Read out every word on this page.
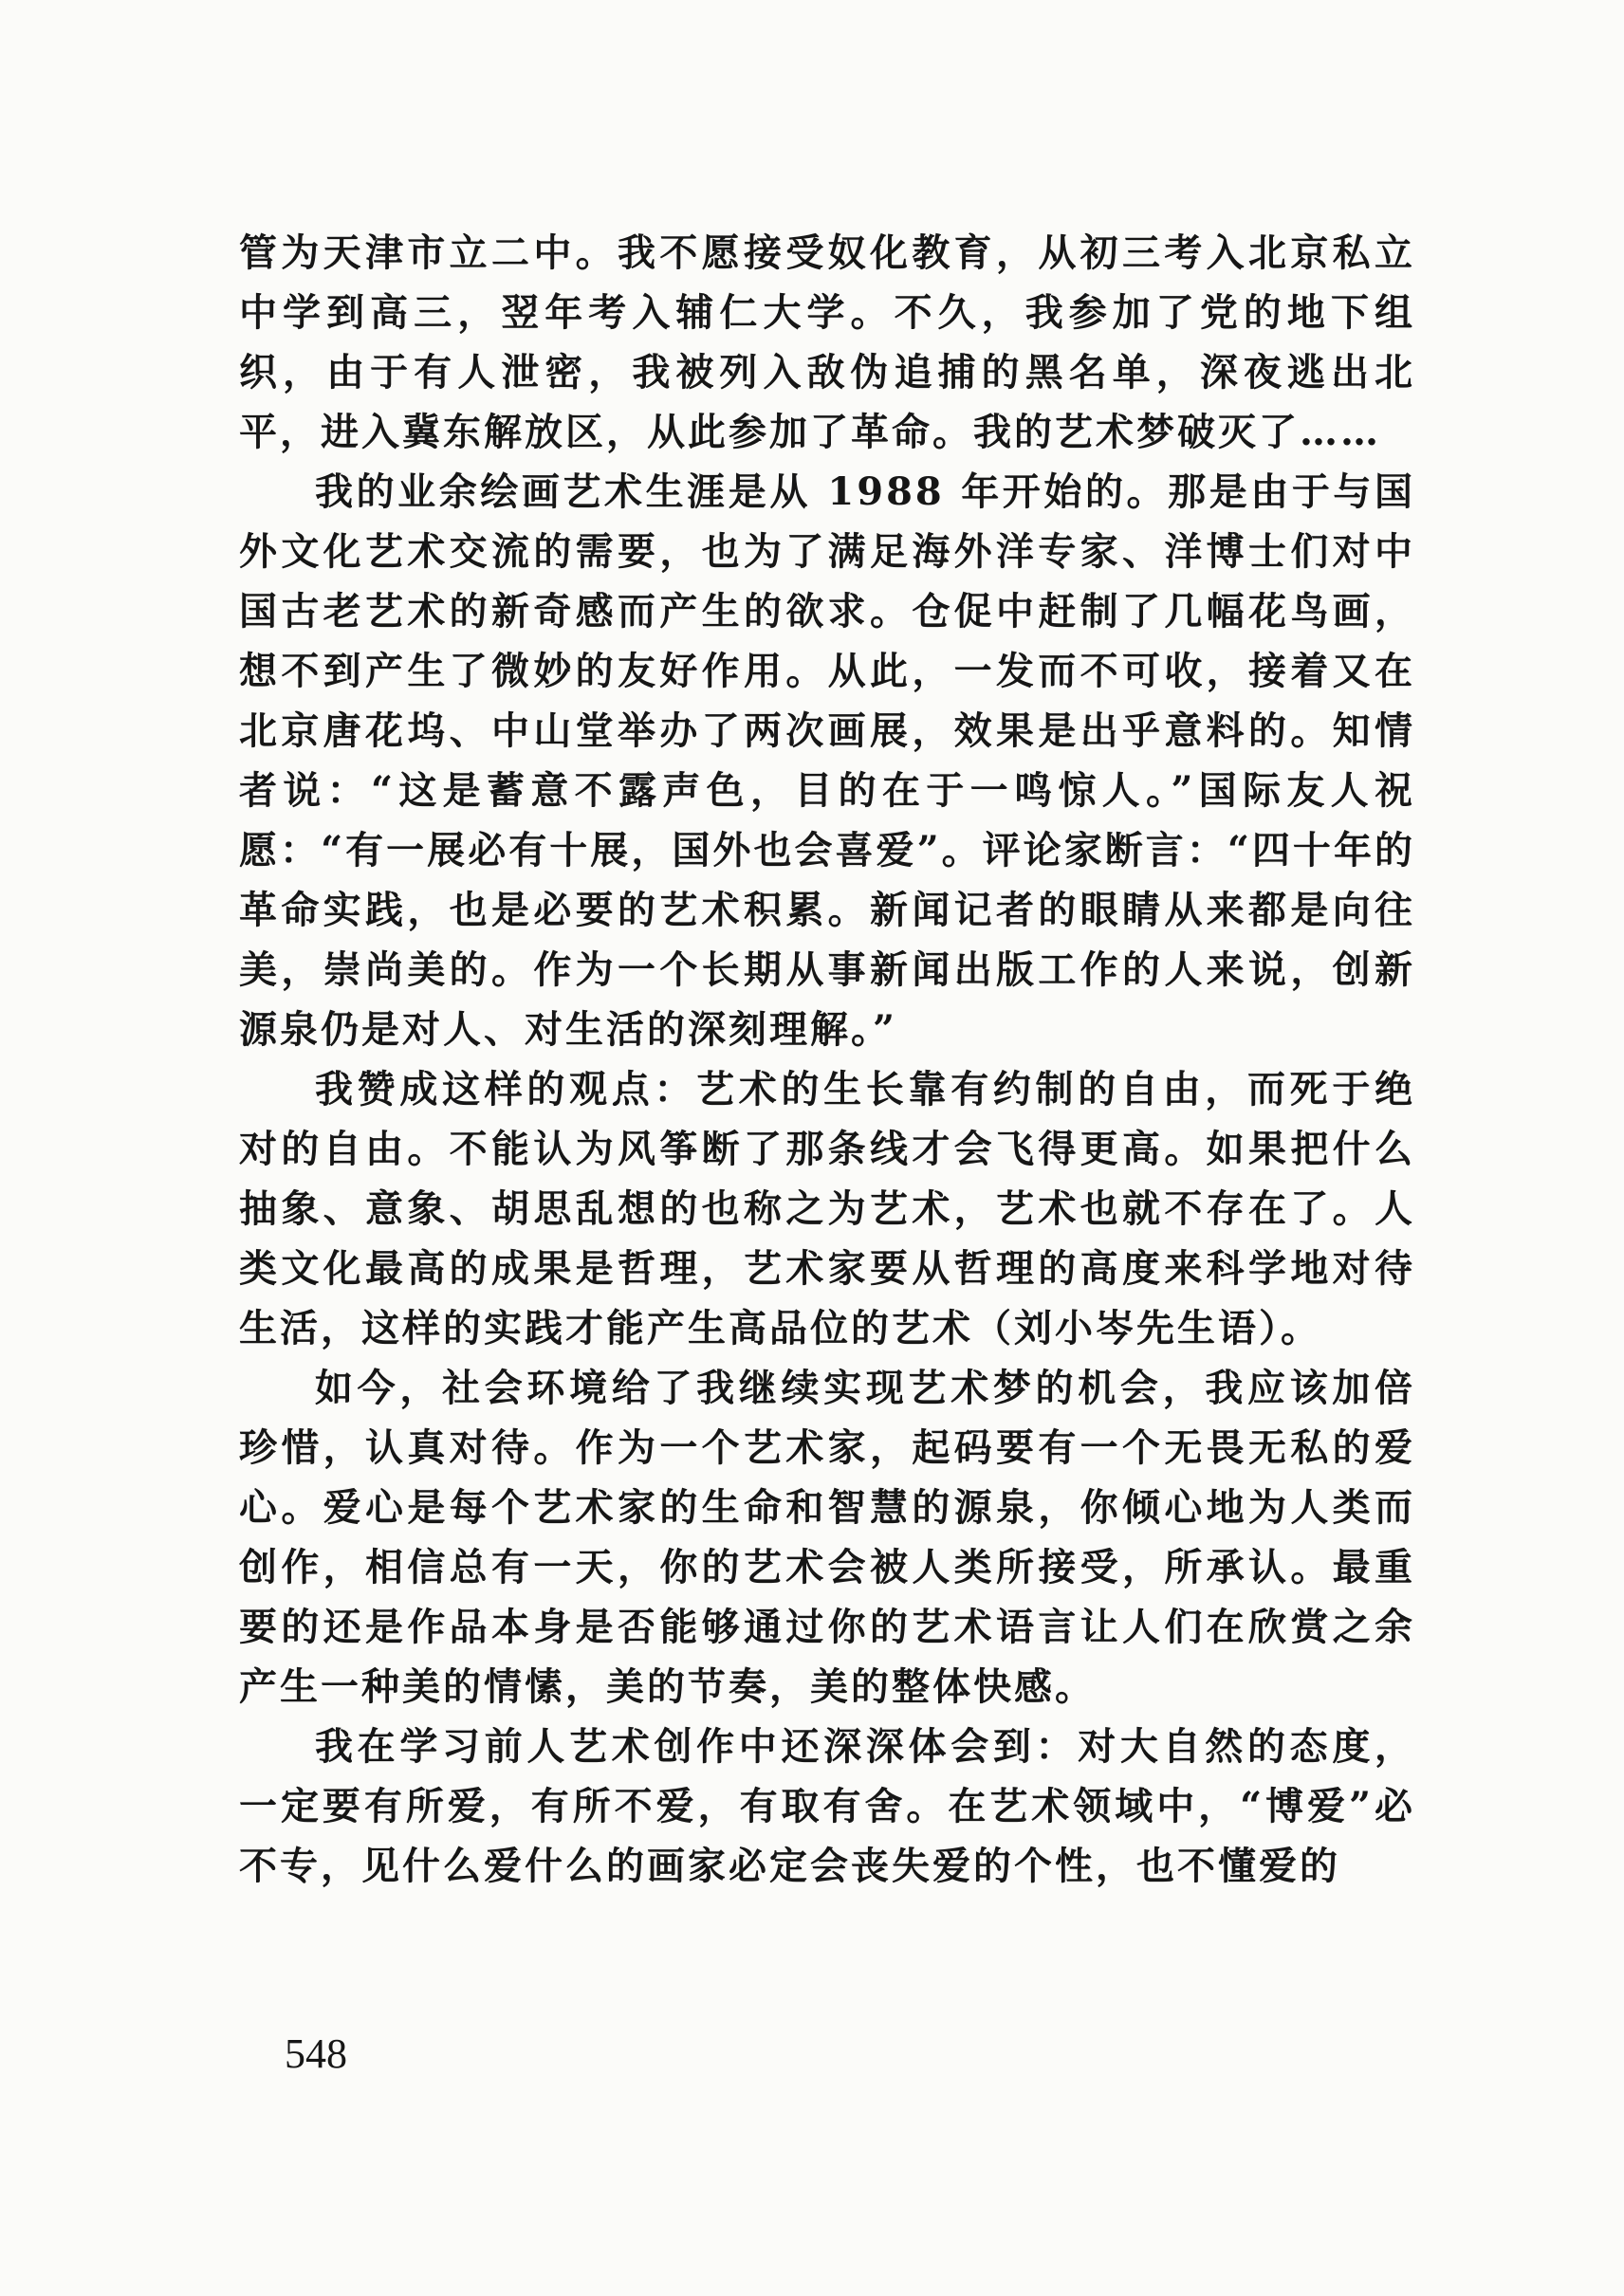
管为天津市立二中。我不愿接受奴化教育，从初三考入北京私立中学到高三，翌年考入辅仁大学。不久，我参加了党的地下组织，由于有人泄密，我被列入敌伪追捕的黑名单，深夜逃出北平，进入冀东解放区，从此参加了革命。我的艺术梦破灭了……

我的业余绘画艺术生涯是从 1988 年开始的。那是由于与国外文化艺术交流的需要，也为了满足海外洋专家、洋博士们对中国古老艺术的新奇感而产生的欲求。仓促中赶制了几幅花鸟画，想不到产生了微妙的友好作用。从此，一发而不可收，接着又在北京唐花坞、中山堂举办了两次画展，效果是出乎意料的。知情者说：“这是蓄意不露声色，目的在于一鸣惊人。”国际友人祝愿：“有一展必有十展，国外也会喜爱”。评论家断言：“四十年的革命实践，也是必要的艺术积累。新闻记者的眼睛从来都是向往美，崇尚美的。作为一个长期从事新闻出版工作的人来说，创新源泉仍是对人、对生活的深刻理解。”

我赞成这样的观点：艺术的生长靠有约制的自由，而死于绝对的自由。不能认为风筝断了那条线才会飞得更高。如果把什么抽象、意象、胡思乱想的也称之为艺术，艺术也就不存在了。人类文化最高的成果是哲理，艺术家要从哲理的高度来科学地对待生活，这样的实践才能产生高品位的艺术（刘小岑先生语）。

如今，社会环境给了我继续实现艺术梦的机会，我应该加倍珍惜，认真对待。作为一个艺术家，起码要有一个无畏无私的爱心。爱心是每个艺术家的生命和智慧的源泉，你倾心地为人类而创作，相信总有一天，你的艺术会被人类所接受，所承认。最重要的还是作品本身是否能够通过你的艺术语言让人们在欣赏之余产生一种美的情愫，美的节奏，美的整体快感。

我在学习前人艺术创作中还深深体会到：对大自然的态度，一定要有所爱，有所不爱，有取有舍。在艺术领域中，“博爱”必不专，见什么爱什么的画家必定会丧失爱的个性，也不懂爱的

548
